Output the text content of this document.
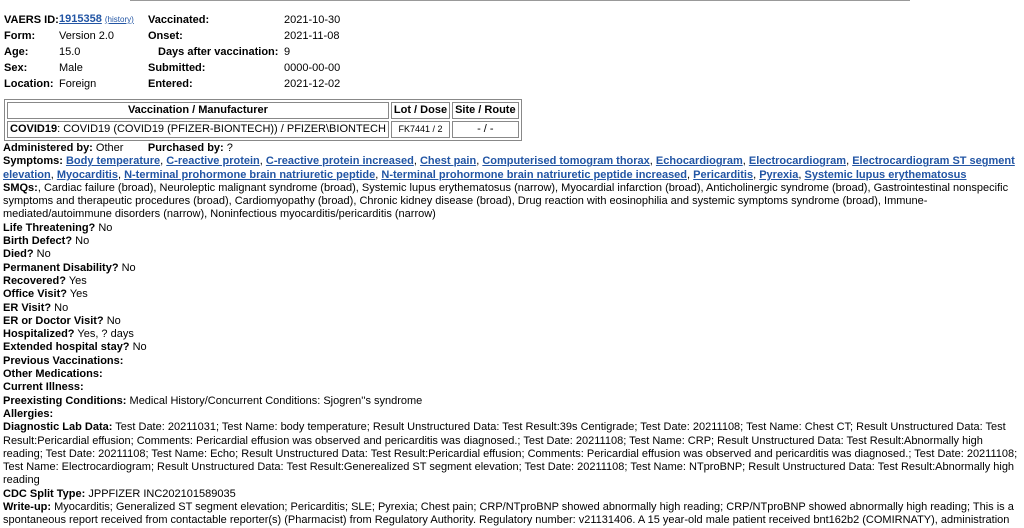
VAERS ID:	1915358 (history)	Vaccinated:	2021-10-30
Form:	Version 2.0	Onset:	2021-11-08
Age:	15.0	Days after vaccination:	9
Sex:	Male	Submitted:	0000-00-00
Location:	Foreign	Entered:	2021-12-02
Vaccination / Manufacturer	Lot / Dose	Site / Route
COVID19: COVID19 (COVID19 (PFIZER-BIONTECH)) / PFIZER\BIONTECH	FK7441 / 2	- / -

Administered by: Other Purchased by: ?

Symptoms: Body temperature, C-reactive protein, C-reactive protein increased, Chest pain, Computerised tomogram thorax, Echocardiogram, Electrocardiogram, Electrocardiogram ST segment elevation, Myocarditis, N-terminal prohormone brain natriuretic peptide, N-terminal prohormone brain natriuretic peptide increased, Pericarditis, Pyrexia, Systemic lupus erythematosus

SMQs:, Cardiac failure (broad), Neuroleptic malignant syndrome (broad), Systemic lupus erythematosus (narrow), Myocardial infarction (broad), Anticholinergic syndrome (broad), Gastrointestinal nonspecific symptoms and therapeutic procedures (broad), Cardiomyopathy (broad), Chronic kidney disease (broad), Drug reaction with eosinophilia and systemic symptoms syndrome (broad), Immune-mediated/autoimmune disorders (narrow), Noninfectious myocarditis/pericarditis (narrow)

Life Threatening? No

Birth Defect? No

Died? No

Permanent Disability? No

Recovered? Yes

Office Visit? Yes

ER Visit? No

ER or Doctor Visit? No

Hospitalized? Yes, ? days

Extended hospital stay? No

Previous Vaccinations:

Other Medications:

Current Illness:

Preexisting Conditions: Medical History/Concurrent Conditions: Sjogren''s syndrome

Allergies:

Diagnostic Lab Data: Test Date: 20211031; Test Name: body temperature; Result Unstructured Data: Test Result:39s Centigrade; Test Date: 20211108; Test Name: Chest CT; Result Unstructured Data: Test Result:Pericardial effusion; Comments: Pericardial effusion was observed and pericarditis was diagnosed.; Test Date: 20211108; Test Name: CRP; Result Unstructured Data: Test Result:Abnormally high reading; Test Date: 20211108; Test Name: Echo; Result Unstructured Data: Test Result:Pericardial effusion; Comments: Pericardial effusion was observed and pericarditis was diagnosed.; Test Date: 20211108; Test Name: Electrocardiogram; Result Unstructured Data: Test Result:Generealized ST segment elevation; Test Date: 20211108; Test Name: NTproBNP; Result Unstructured Data: Test Result:Abnormally high reading

CDC Split Type: JPPFIZER INC202101589035

Write-up: Myocarditis; Generalized ST segment elevation; Pericarditis; SLE; Pyrexia; Chest pain; CRP/NTproBNP showed abnormally high reading; CRP/NTproBNP showed abnormally high reading; This is a spontaneous report received from contactable reporter(s) (Pharmacist) from Regulatory Authority. Regulatory number: v21131406. A 15 year-old male patient received bnt162b2 (COMIRNATY), administration
